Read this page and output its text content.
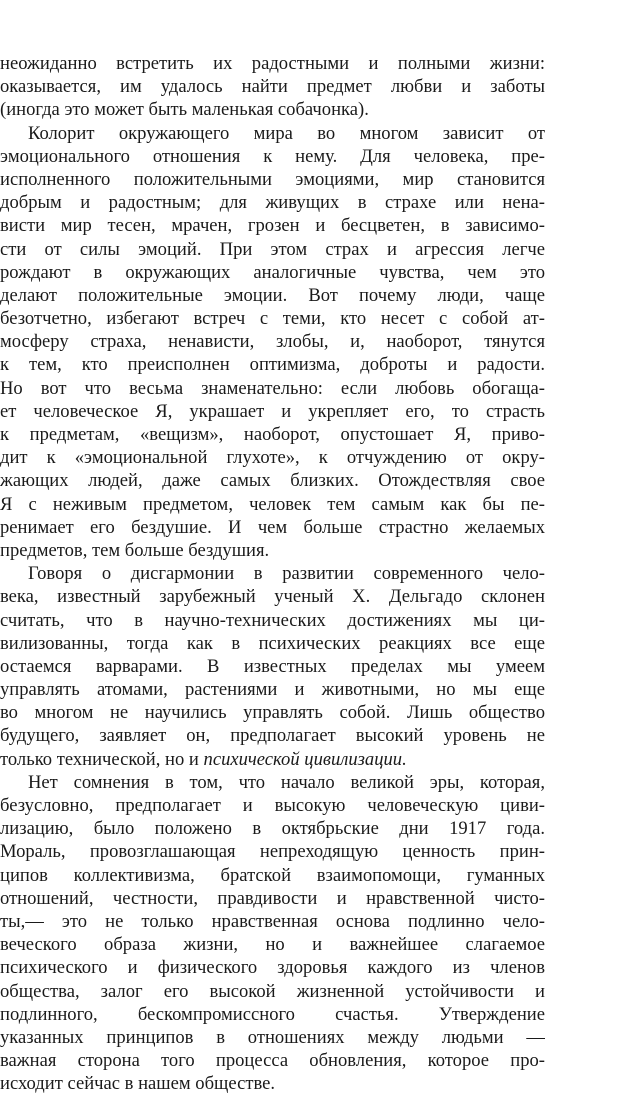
неожиданно встретить их радостными и полными жизни:
оказывается, им удалось найти предмет любви и заботы
(иногда это может быть маленькая собачонка).
Колорит окружающего мира во многом зависит от
эмоционального отношения к нему. Для человека, пре-
исполненного положительными эмоциями, мир становится
добрым и радостным; для живущих в страхе или нена-
висти мир тесен, мрачен, грозен и бесцветен, в зависимо-
сти от силы эмоций. При этом страх и агрессия легче
рождают в окружающих аналогичные чувства, чем это
делают положительные эмоции. Вот почему люди, чаще
безотчетно, избегают встреч с теми, кто несет с собой ат-
мосферу страха, ненависти, злобы, и, наоборот, тянутся
к тем, кто преисполнен оптимизма, доброты и радости.
Но вот что весьма знаменательно: если любовь обогаща-
ет человеческое Я, украшает и укрепляет его, то страсть
к предметам, «вещизм», наоборот, опустошает Я, приво-
дит к «эмоциональной глухоте», к отчуждению от окру-
жающих людей, даже самых близких. Отождествляя свое
Я с неживым предметом, человек тем самым как бы пе-
ренимает его бездушие. И чем больше страстно желаемых
предметов, тем больше бездушия.
Говоря о дисгармонии в развитии современного чело-
века, известный зарубежный ученый Х. Дельгадо склонен
считать, что в научно-технических достижениях мы ци-
вилизованны, тогда как в психических реакциях все еще
остаемся варварами. В известных пределах мы умеем
управлять атомами, растениями и животными, но мы еще
во многом не научились управлять собой. Лишь общество
будущего, заявляет он, предполагает высокий уровень не
только технической, но и психической цивилизации.
Нет сомнения в том, что начало великой эры, которая,
безусловно, предполагает и высокую человеческую циви-
лизацию, было положено в октябрьские дни 1917 года.
Мораль, провозглашающая непреходящую ценность прин-
ципов коллективизма, братской взаимопомощи, гуманных
отношений, честности, правдивости и нравственной чисто-
ты,— это не только нравственная основа подлинно чело-
веческого образа жизни, но и важнейшее слагаемое
психического и физического здоровья каждого из членов
общества, залог его высокой жизненной устойчивости и
подлинного, бескомпромиссного счастья. Утверждение
указанных принципов в отношениях между людьми —
важная сторона того процесса обновления, которое про-
исходит сейчас в нашем обществе.
